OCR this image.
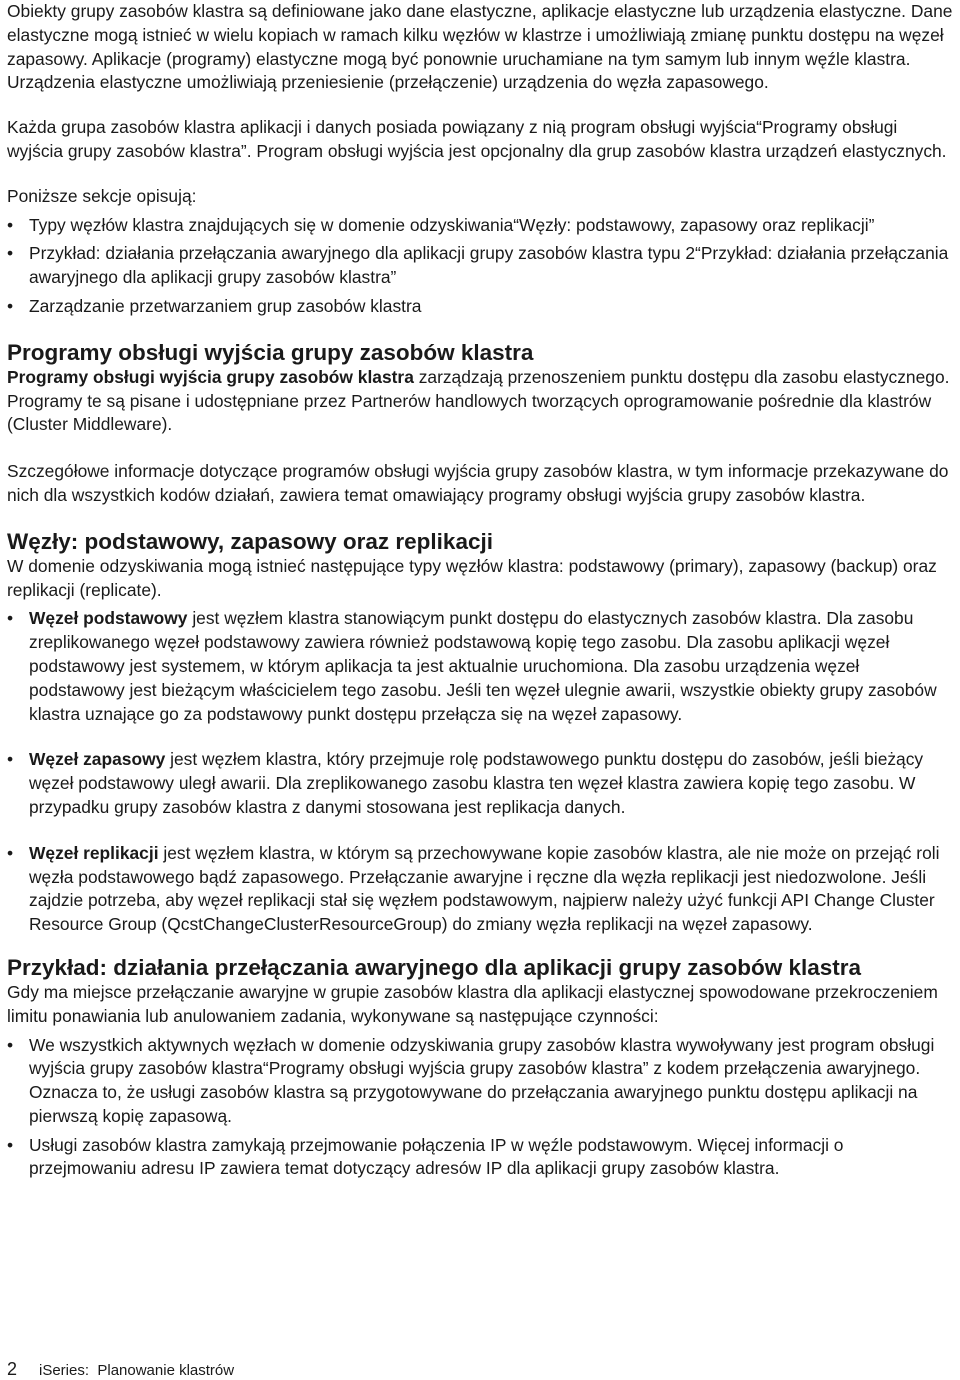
Obiekty grupy zasobów klastra są definiowane jako dane elastyczne, aplikacje elastyczne lub urządzenia elastyczne. Dane elastyczne mogą istnieć w wielu kopiach w ramach kilku węzłów w klastrze i umożliwiają zmianę punktu dostępu na węzeł zapasowy. Aplikacje (programy) elastyczne mogą być ponownie uruchamiane na tym samym lub innym węźle klastra. Urządzenia elastyczne umożliwiają przeniesienie (przełączenie) urządzenia do węzła zapasowego.

Każda grupa zasobów klastra aplikacji i danych posiada powiązany z nią program obsługi wyjścia“Programy obsługi wyjścia grupy zasobów klastra”. Program obsługi wyjścia jest opcjonalny dla grup zasobów klastra urządzeń elastycznych.

Poniższe sekcje opisują:

• Typy węzłów klastra znajdujących się w domenie odzyskiwania“Węzły: podstawowy, zapasowy oraz replikacji”
• Przykład: działania przełączania awaryjnego dla aplikacji grupy zasobów klastra typu 2“Przykład: działania przełączania awaryjnego dla aplikacji grupy zasobów klastra”
• Zarządzanie przetwarzaniem grup zasobów klastra
Programy obsługi wyjścia grupy zasobów klastra

Programy obsługi wyjścia grupy zasobów klastra zarządzają przenoszeniem punktu dostępu dla zasobu elastycznego. Programy te są pisane i udostępniane przez Partnerów handlowych tworzących oprogramowanie pośrednie dla klastrów (Cluster Middleware).

Szczegółowe informacje dotyczące programów obsługi wyjścia grupy zasobów klastra, w tym informacje przekazywane do nich dla wszystkich kodów działań, zawiera temat omawiający programy obsługi wyjścia grupy zasobów klastra.

Węzły: podstawowy, zapasowy oraz replikacji

W domenie odzyskiwania mogą istnieć następujące typy węzłów klastra: podstawowy (primary), zapasowy (backup) oraz replikacji (replicate).

• Węzeł podstawowy jest węzłem klastra stanowiącym punkt dostępu do elastycznych zasobów klastra. Dla zasobu zreplikowanego węzeł podstawowy zawiera również podstawową kopię tego zasobu. Dla zasobu aplikacji węzeł podstawowy jest systemem, w którym aplikacja ta jest aktualnie uruchomiona. Dla zasobu urządzenia węzeł podstawowy jest bieżącym właścicielem tego zasobu. Jeśli ten węzeł ulegnie awarii, wszystkie obiekty grupy zasobów klastra uznające go za podstawowy punkt dostępu przełącza się na węzeł zapasowy.
• Węzeł zapasowy jest węzłem klastra, który przejmuje rolę podstawowego punktu dostępu do zasobów, jeśli bieżący węzeł podstawowy uległ awarii. Dla zreplikowanego zasobu klastra ten węzeł klastra zawiera kopię tego zasobu. W przypadku grupy zasobów klastra z danymi stosowana jest replikacja danych.
• Węzeł replikacji jest węzłem klastra, w którym są przechowywane kopie zasobów klastra, ale nie może on przejąć roli węzła podstawowego bądź zapasowego. Przełączanie awaryjne i ręczne dla węzła replikacji jest niedozwolone. Jeśli zajdzie potrzeba, aby węzeł replikacji stał się węzłem podstawowym, najpierw należy użyć funkcji API Change Cluster Resource Group (QcstChangeClusterResourceGroup) do zmiany węzła replikacji na węzeł zapasowy.
Przykład: działania przełączania awaryjnego dla aplikacji grupy zasobów klastra

Gdy ma miejsce przełączanie awaryjne w grupie zasobów klastra dla aplikacji elastycznej spowodowane przekroczeniem limitu ponawiania lub anulowaniem zadania, wykonywane są następujące czynności:

• We wszystkich aktywnych węzłach w domenie odzyskiwania grupy zasobów klastra wywoływany jest program obsługi wyjścia grupy zasobów klastra“Programy obsługi wyjścia grupy zasobów klastra” z kodem przełączenia awaryjnego. Oznacza to, że usługi zasobów klastra są przygotowywane do przełączania awaryjnego punktu dostępu aplikacji na pierwszą kopię zapasową.
• Usługi zasobów klastra zamykają przejmowanie połączenia IP w węźle podstawowym. Więcej informacji o przejmowaniu adresu IP zawiera temat dotyczący adresów IP dla aplikacji grupy zasobów klastra.
2	iSeries:  Planowanie klastrów
